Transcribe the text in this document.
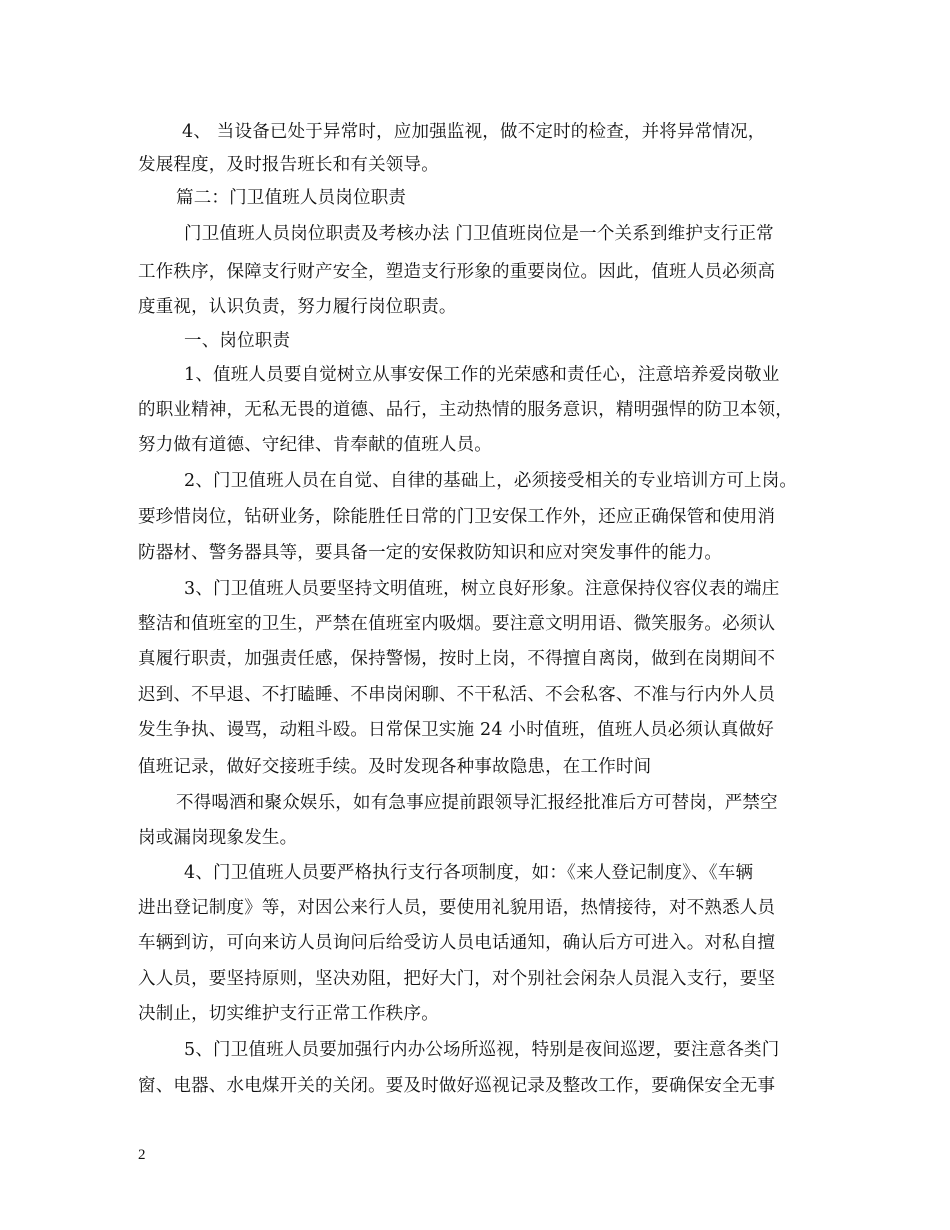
4、 当设备已处于异常时，应加强监视，做不定时的检查，并将异常情况，
发展程度，及时报告班长和有关领导。
篇二：门卫值班人员岗位职责
门卫值班人员岗位职责及考核办法 门卫值班岗位是一个关系到维护支行正常
工作秩序，保障支行财产安全，塑造支行形象的重要岗位。因此，值班人员必须高
度重视，认识负责，努力履行岗位职责。
一、岗位职责
1、值班人员要自觉树立从事安保工作的光荣感和责任心，注意培养爱岗敬业
的职业精神，无私无畏的道德、品行，主动热情的服务意识，精明强悍的防卫本领，
努力做有道德、守纪律、肯奉献的值班人员。
2、门卫值班人员在自觉、自律的基础上，必须接受相关的专业培训方可上岗。
要珍惜岗位，钻研业务，除能胜任日常的门卫安保工作外，还应正确保管和使用消
防器材、警务器具等，要具备一定的安保救防知识和应对突发事件的能力。
3、门卫值班人员要坚持文明值班，树立良好形象。注意保持仪容仪表的端庄
整洁和值班室的卫生，严禁在值班室内吸烟。要注意文明用语、微笑服务。必须认
真履行职责，加强责任感，保持警惕，按时上岗，不得擅自离岗，做到在岗期间不
迟到、不早退、不打瞌睡、不串岗闲聊、不干私活、不会私客、不准与行内外人员
发生争执、谩骂，动粗斗殴。日常保卫实施 24 小时值班，值班人员必须认真做好
值班记录，做好交接班手续。及时发现各种事故隐患，在工作时间
不得喝酒和聚众娱乐，如有急事应提前跟领导汇报经批准后方可替岗，严禁空
岗或漏岗现象发生。
4、门卫值班人员要严格执行支行各项制度，如：《来人登记制度》、《车辆
进出登记制度》等，对因公来行人员，要使用礼貌用语，热情接待，对不熟悉人员
车辆到访，可向来访人员询问后给受访人员电话通知，确认后方可进入。对私自擅
入人员，要坚持原则，坚决劝阻，把好大门，对个别社会闲杂人员混入支行，要坚
决制止，切实维护支行正常工作秩序。
5、门卫值班人员要加强行内办公场所巡视，特别是夜间巡逻，要注意各类门
窗、电器、水电煤开关的关闭。要及时做好巡视记录及整改工作，要确保安全无事
2
